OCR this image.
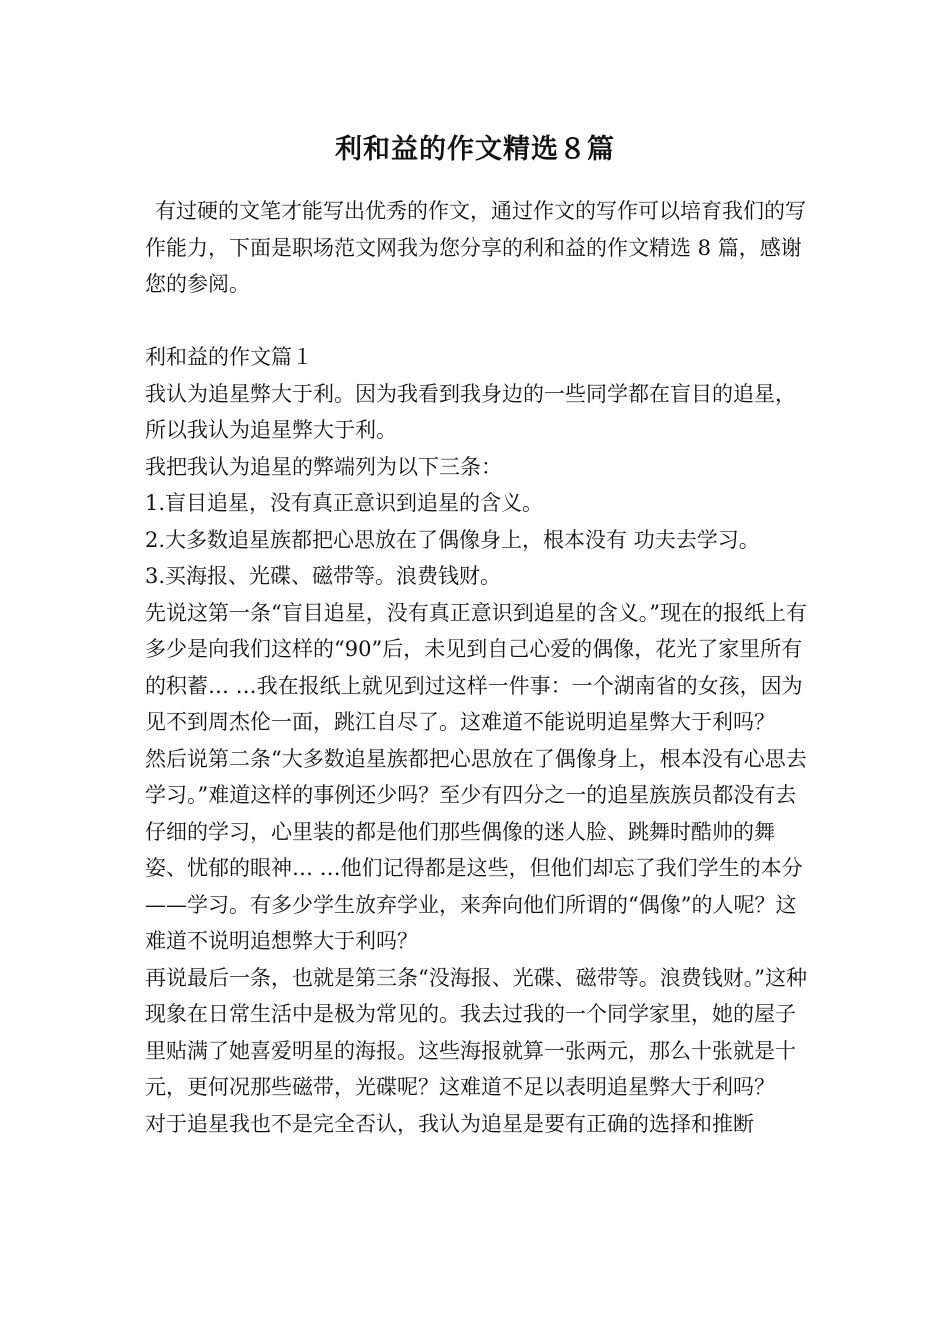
利和益的作文精选８篇

有过硬的文笔才能写出优秀的作文，通过作文的写作可以培育我们的写作能力，下面是职场范文网我为您分享的利和益的作文精选 8 篇，感谢您的参阅。

利和益的作文篇１

我认为追星弊大于利。因为我看到我身边的一些同学都在盲目的追星，所以我认为追星弊大于利。

我把我认为追星的弊端列为以下三条：

1.盲目追星，没有真正意识到追星的含义。

2.大多数追星族都把心思放在了偶像身上，根本没有 功夫去学习。

3.买海报、光碟、磁带等。浪费钱财。

先说这第一条“盲目追星，没有真正意识到追星的含义。”现在的报纸上有多少是向我们这样的“90”后，未见到自己心爱的偶像，花光了家里所有的积蓄… …我在报纸上就见到过这样一件事：一个湖南省的女孩，因为见不到周杰伦一面，跳江自尽了。这难道不能说明追星弊大于利吗？

然后说第二条“大多数追星族都把心思放在了偶像身上，根本没有心思去学习。”难道这样的事例还少吗？至少有四分之一的追星族族员都没有去仔细的学习，心里装的都是他们那些偶像的迷人脸、跳舞时酷帅的舞姿、忧郁的眼神… …他们记得都是这些，但他们却忘了我们学生的本分——学习。有多少学生放弃学业，来奔向他们所谓的“偶像”的人呢？这难道不说明追想弊大于利吗？

再说最后一条，也就是第三条“没海报、光碟、磁带等。浪费钱财。”这种现象在日常生活中是极为常见的。我去过我的一个同学家里，她的屋子里贴满了她喜爱明星的海报。这些海报就算一张两元，那么十张就是十元，更何况那些磁带，光碟呢？这难道不足以表明追星弊大于利吗？

对于追星我也不是完全否认，我认为追星是要有正确的选择和推断
